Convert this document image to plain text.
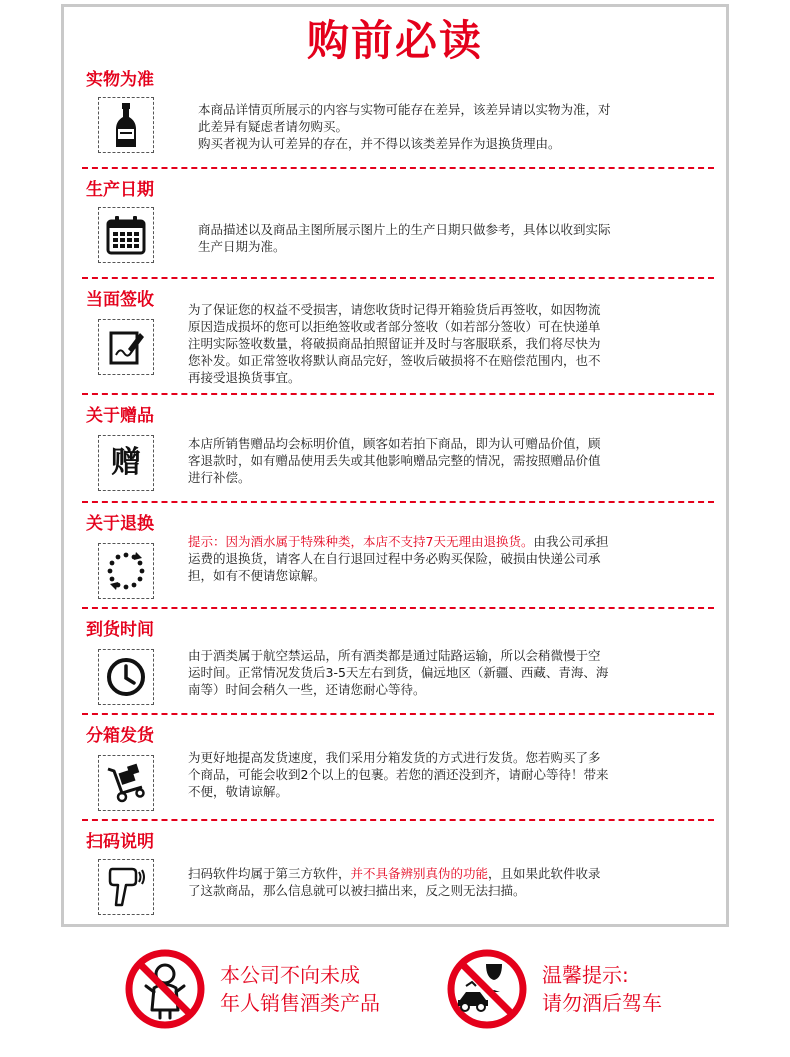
购前必读
实物为准

本商品详情页所展示的内容与实物可能存在差异，该差异请以实物为准，对

此差异有疑虑者请勿购买。

购买者视为认可差异的存在，并不得以该类差异作为退换货理由。

生产日期

商品描述以及商品主图所展示图片上的生产日期只做参考，具体以收到实际

生产日期为准。

当面签收	为了保证您的权益不受损害，请您收货时记得开箱验货后再签收，如因物流

原因造成损坏的您可以拒绝签收或者部分签收（如若部分签收）可在快递单

注明实际签收数量，将破损商品拍照留证并及时与客服联系，我们将尽快为

您补发。如正常签收将默认商品完好，签收后破损将不在赔偿范围内，也不

再接受退换货事宜。

关于赠品
赠

本店所销售赠品均会标明价值，顾客如若拍下商品，即为认可赠品价值，顾

客退款时，如有赠品使用丢失或其他影响赠品完整的情况，需按照赠品价值

进行补偿。

关于退换

提示：因为酒水属于特殊种类，本店不支持7天无理由退换货。由我公司承担

运费的退换货，请客人在自行退回过程中务必购买保险，破损由快递公司承

担，如有不便请您谅解。

到货时间

由于酒类属于航空禁运品，所有酒类都是通过陆路运输，所以会稍微慢于空

运时间。正常情况发货后3-5天左右到货，偏远地区（新疆、西藏、青海、海

南等）时间会稍久一些，还请您耐心等待。

分箱发货

为更好地提高发货速度，我们采用分箱发货的方式进行发货。您若购买了多

个商品，可能会收到2个以上的包裹。若您的酒还没到齐，请耐心等待！带来

不便，敬请谅解。

扫码说明

扫码软件均属于第三方软件，并不具备辨别真伪的功能，且如果此软件收录

了这款商品，那么信息就可以被扫描出来，反之则无法扫描。

本公司不向未成
年人销售酒类产品
温馨提示:
请勿酒后驾车
